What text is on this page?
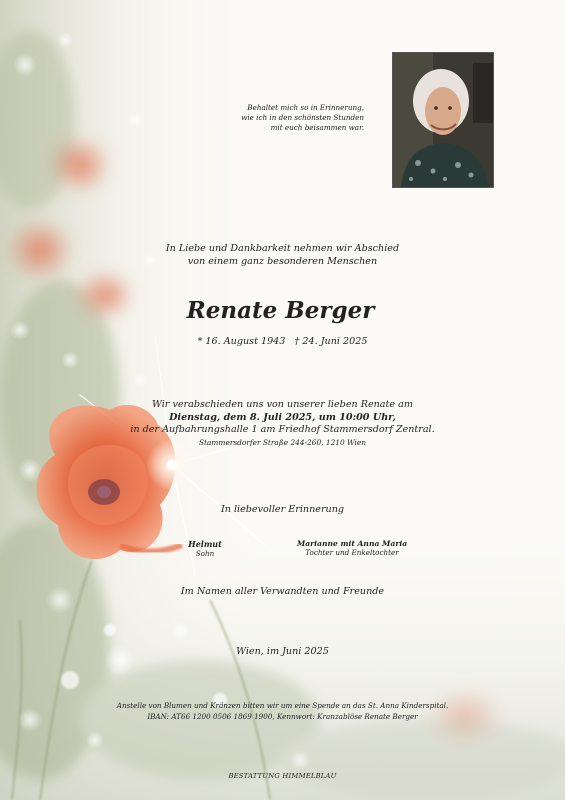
Behaltet mich so in Erinnerung,
wie ich in den schönsten Stunden
mit euch beisammen war.
In Liebe und Dankbarkeit nehmen wir Abschied
von einem ganz besonderen Menschen
Renate Berger
* 16. August 1943   † 24. Juni 2025
Wir verabschieden uns von unserer lieben Renate am
Dienstag, dem 8. Juli 2025, um 10:00 Uhr,
in der Aufbahrungshalle 1 am Friedhof Stammersdorf Zentral.
Stammersdorfer Straße 244-260, 1210 Wien
In liebevoller Erinnerung
Helmut
Sohn
Marianne mit Anna Maria
Tochter und Enkeltochter
Im Namen aller Verwandten und Freunde
Wien, im Juni 2025
Anstelle von Blumen und Kränzen bitten wir um eine Spende an das St. Anna Kinderspital.
IBAN: AT66 1200 0506 1869 1900, Kennwort: Kranzablöse Renate Berger
BESTATTUNG HIMMELBLAU
